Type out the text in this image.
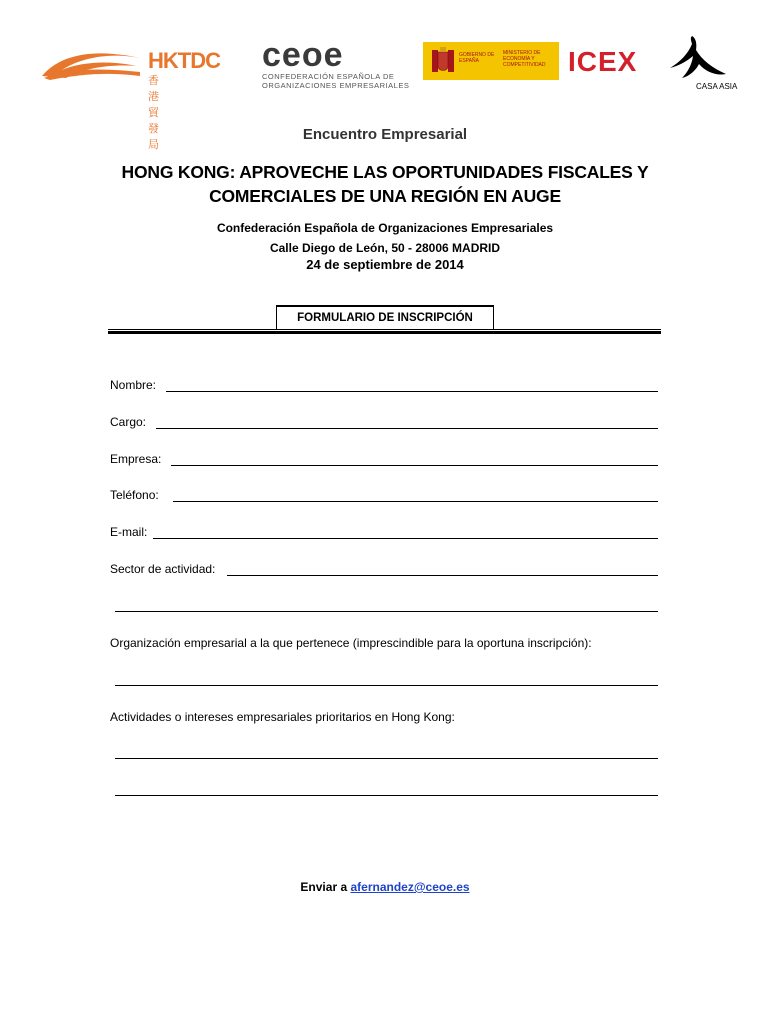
HKTDC
香港貿發局
ceoe
CONFEDERACIÓN ESPAÑOLA DE
ORGANIZACIONES EMPRESARIALES
GOBIERNO DE ESPAÑA
MINISTERIO DE ECONOMÍA Y COMPETITIVIDAD ICEX
CASA ASIA
Encuentro Empresarial
HONG KONG: APROVECHE LAS OPORTUNIDADES FISCALES Y
COMERCIALES DE UNA REGIÓN EN AUGE
Confederación Española de Organizaciones Empresariales
Calle Diego de León, 50 - 28006 MADRID
24 de septiembre de 2014
FORMULARIO DE INSCRIPCIÓN
Nombre:
Cargo:
Empresa:
Teléfono:
E-mail:
Sector de actividad:
Organización empresarial a la que pertenece (imprescindible para la oportuna inscripción):
Actividades o intereses empresariales prioritarios en Hong Kong:
Enviar a afernandez@ceoe.es
